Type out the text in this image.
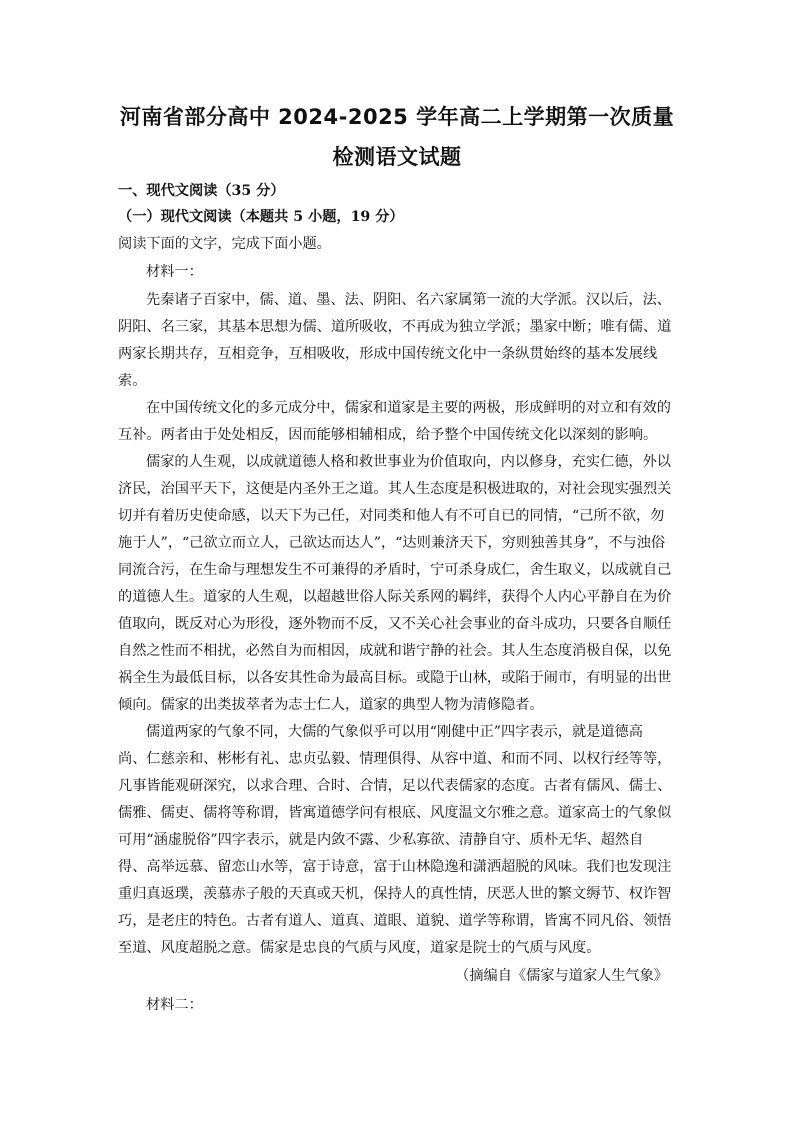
河南省部分高中 2024-2025 学年高二上学期第一次质量
检测语文试题
一、现代文阅读（35 分）
（一）现代文阅读（本题共 5 小题，19 分）
阅读下面的文字，完成下面小题。
材料一：
先秦诸子百家中，儒、道、墨、法、阴阳、名六家属第一流的大学派。汉以后，法、
阴阳、名三家，其基本思想为儒、道所吸收，不再成为独立学派；墨家中断；唯有儒、道
两家长期共存，互相竞争，互相吸收，形成中国传统文化中一条纵贯始终的基本发展线
索。
在中国传统文化的多元成分中，儒家和道家是主要的两极，形成鲜明的对立和有效的
互补。两者由于处处相反，因而能够相辅相成，给予整个中国传统文化以深刻的影响。
儒家的人生观，以成就道德人格和救世事业为价值取向，内以修身，充实仁德，外以
济民，治国平天下，这便是内圣外王之道。其人生态度是积极进取的，对社会现实强烈关
切并有着历史使命感，以天下为己任，对同类和他人有不可自已的同情，“己所不欲，勿
施于人”，“己欲立而立人，己欲达而达人”，“达则兼济天下，穷则独善其身”，不与浊俗
同流合污，在生命与理想发生不可兼得的矛盾时，宁可杀身成仁，舍生取义，以成就自己
的道德人生。道家的人生观，以超越世俗人际关系网的羁绊，获得个人内心平静自在为价
值取向，既反对心为形役，逐外物而不反，又不关心社会事业的奋斗成功，只要各自顺任
自然之性而不相扰，必然自为而相因，成就和谐宁静的社会。其人生态度消极自保，以免
祸全生为最低目标，以各安其性命为最高目标。或隐于山林，或陷于闹市，有明显的出世
倾向。儒家的出类拔萃者为志士仁人，道家的典型人物为清修隐者。
儒道两家的气象不同，大儒的气象似乎可以用“刚健中正”四字表示，就是道德高
尚、仁慈亲和、彬彬有礼、忠贞弘毅、情理俱得、从容中道、和而不同、以权行经等等，
凡事皆能观研深究，以求合理、合时、合情，足以代表儒家的态度。古者有儒风、儒士、
儒雅、儒吏、儒将等称谓，皆寓道德学问有根底、风度温文尔雅之意。道家高士的气象似
可用“涵虚脱俗”四字表示，就是内敛不露、少私寡欲、清静自守、质朴无华、超然自
得、高举远慕、留恋山水等，富于诗意，富于山林隐逸和潇洒超脱的风味。我们也发现注
重归真返璞，羡慕赤子般的天真或天机，保持人的真性情，厌恶人世的繁文缛节、权诈智
巧，是老庄的特色。古者有道人、道真、道眼、道貌、道学等称谓，皆寓不同凡俗、领悟
至道、风度超脱之意。儒家是忠良的气质与风度，道家是院士的气质与风度。
（摘编自《儒家与道家人生气象》
材料二：
